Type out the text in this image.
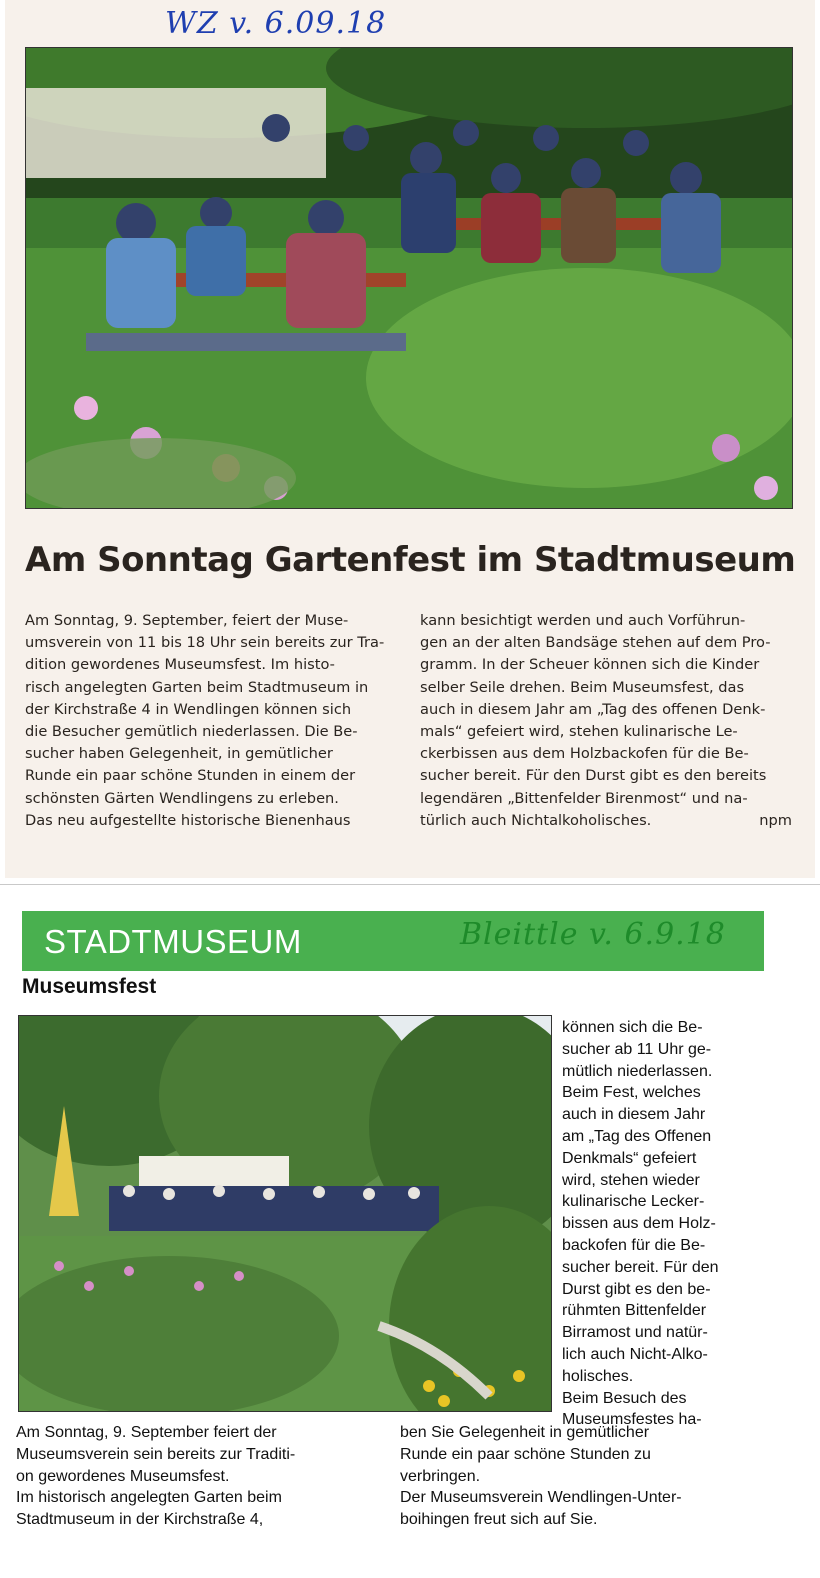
WZ v. 6.09.18
Am Sonntag Gartenfest im Stadtmuseum
Am Sonntag, 9. September, feiert der Muse-
umsverein von 11 bis 18 Uhr sein bereits zur Tra-
dition gewordenes Museumsfest. Im histo-
risch angelegten Garten beim Stadtmuseum in
der Kirchstraße 4 in Wendlingen können sich
die Besucher gemütlich niederlassen. Die Be-
sucher haben Gelegenheit, in gemütlicher
Runde ein paar schöne Stunden in einem der
schönsten Gärten Wendlingens zu erleben.
Das neu aufgestellte historische Bienenhaus
kann besichtigt werden und auch Vorführun-
gen an der alten Bandsäge stehen auf dem Pro-
gramm. In der Scheuer können sich die Kinder
selber Seile drehen. Beim Museumsfest, das
auch in diesem Jahr am „Tag des offenen Denk-
mals“ gefeiert wird, stehen kulinarische Le-
ckerbissen aus dem Holzbackofen für die Be-
sucher bereit. Für den Durst gibt es den bereits
legendären „Bittenfelder Birenmost“ und na-
türlich auch Nichtalkoholisches.	npm
STADTMUSEUM	Bleittle v. 6.9.18
Museumsfest
können sich die Be-
sucher ab 11 Uhr ge-
mütlich niederlassen.
Beim Fest, welches
auch in diesem Jahr
am „Tag des Offenen
Denkmals“ gefeiert
wird, stehen wieder
kulinarische Lecker-
bissen aus dem Holz-
backofen für die Be-
sucher bereit. Für den
Durst gibt es den be-
rühmten Bittenfelder
Birramost und natür-
lich auch Nicht-Alko-
holisches.
Beim Besuch des
Museumsfestes ha-
Am Sonntag, 9. September feiert der
Museumsverein sein bereits zur Traditi-
on gewordenes Museumsfest.
Im historisch angelegten Garten beim
Stadtmuseum in der Kirchstraße 4,
ben Sie Gelegenheit in gemütlicher
Runde ein paar schöne Stunden zu
verbringen.
Der Museumsverein Wendlingen-Unter-
boihingen freut sich auf Sie.
